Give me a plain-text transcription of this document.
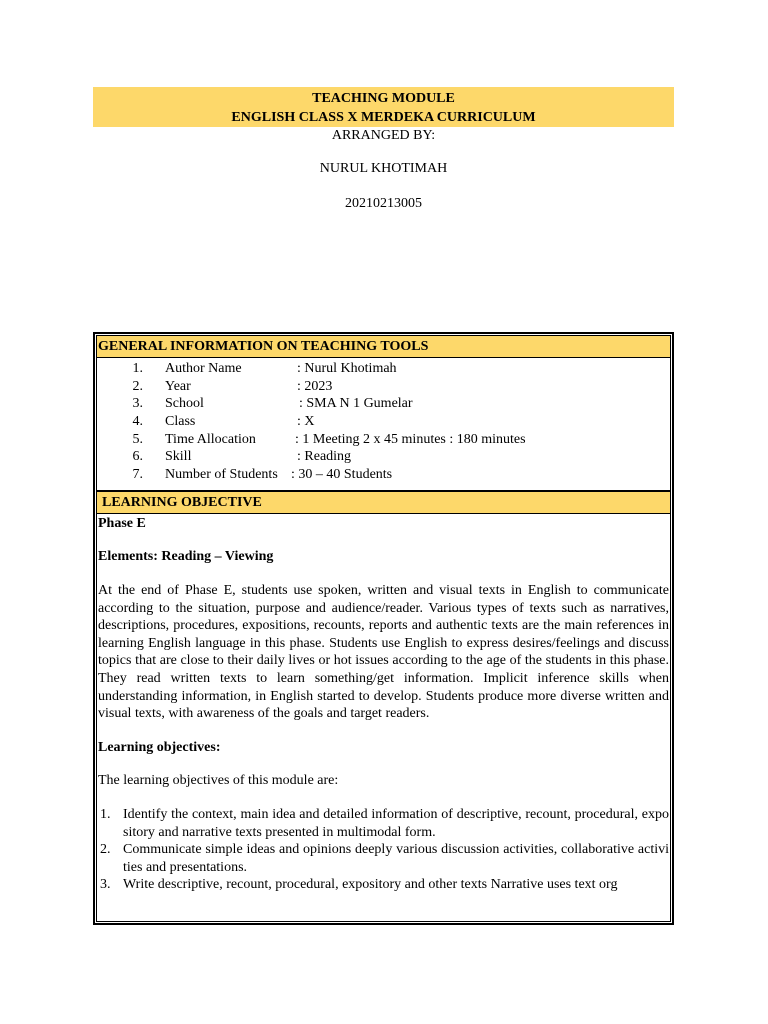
TEACHING MODULE
ENGLISH CLASS X MERDEKA CURRICULUM
ARRANGED BY:
NURUL KHOTIMAH
20210213005
GENERAL INFORMATION ON TEACHING TOOLS
1. Author Name	: Nurul Khotimah
2. Year	: 2023
3. School	: SMA N 1 Gumelar
4. Class	: X
5. Time Allocation	: 1 Meeting 2 x 45 minutes : 180 minutes
6. Skill	: Reading
7. Number of Students : 30 – 40 Students
LEARNING OBJECTIVE

Phase E

Elements: Reading – Viewing

At the end of Phase E, students use spoken, written and visual texts in English to communicate according to the situation, purpose and audience/reader. Various types of texts such as narratives, descriptions, procedures, expositions, recounts, reports and authentic texts are the main references in learning English language in this phase. Students use English to express desires/feelings and discuss topics that are close to their daily lives or hot issues according to the age of the students in this phase. They read written texts to learn something/get information. Implicit inference skills when understanding information, in English started to develop. Students produce more diverse written and visual texts, with awareness of the goals and target readers.

Learning objectives:

The learning objectives of this module are:

1. Identify the context, main idea and detailed information of descriptive, recount, procedural, expository and narrative texts presented in multimodal form.
2. Communicate simple ideas and opinions deeply various discussion activities, collaborative activities and presentations.
3. Write descriptive, recount, procedural, expository and other texts Narrative uses text org
